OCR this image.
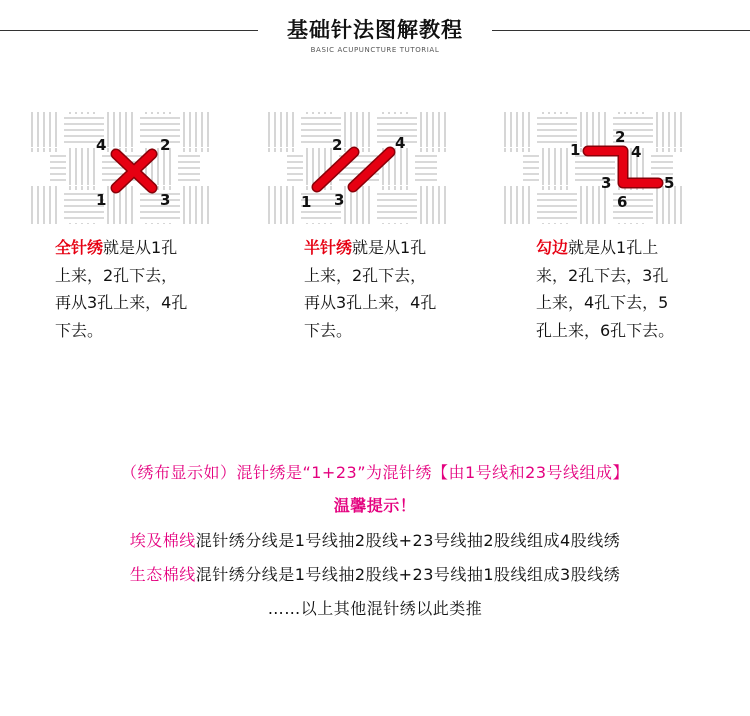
基础针法图解教程
BASIC ACUPUNCTURE TUTORIAL
4	2
1	3
2	4
1 3
1
2
3
4
5
6

全针绣就是从1孔
上来，2孔下去，
再从3孔上来，4孔
下去。

半针绣就是从1孔
上来，2孔下去，
再从3孔上来，4孔
下去。

勾边就是从1孔上
来，2孔下去，3孔
上来，4孔下去，5
孔上来，6孔下去。

（绣布显示如）混针绣是“1+23”为混针绣【由1号线和23号线组成】
温馨提示！
埃及棉线混针绣分线是1号线抽2股线+23号线抽2股线组成4股线绣
生态棉线混针绣分线是1号线抽2股线+23号线抽1股线组成3股线绣
……以上其他混针绣以此类推
